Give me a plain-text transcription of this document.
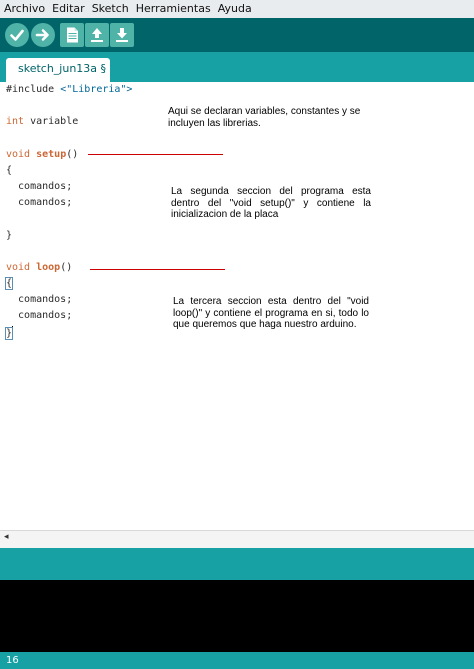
Archivo Editar Sketch Herramientas Ayuda
sketch_jun13a §
#include <"Libreria">
int variable
void setup()
{
comandos;
comandos;
}
void loop()
{
comandos;
comandos;
}
Aqui se declaran variables, constantes y se incluyen las librerias.
La segunda seccion del programa esta dentro del "void setup()" y contiene la inicializacion de la placa
La tercera seccion esta dentro del "void loop()" y contiene el programa en si, todo lo que queremos que haga nuestro arduino.
◂
16
